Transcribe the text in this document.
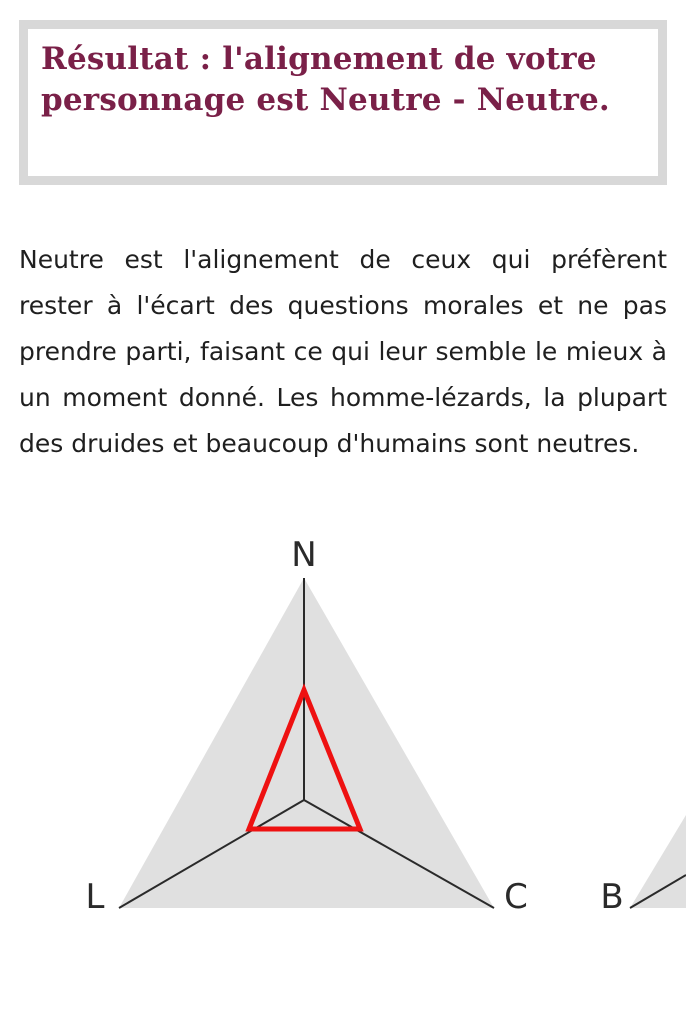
Résultat : l'alignement de votre personnage est Neutre - Neutre.

Neutre est l'alignement de ceux qui préfèrent rester à l'écart des questions morales et ne pas prendre parti, faisant ce qui leur semble le mieux à un moment donné. Les homme-lézards, la plupart des druides et beaucoup d'humains sont neutres.

N
L	C B
